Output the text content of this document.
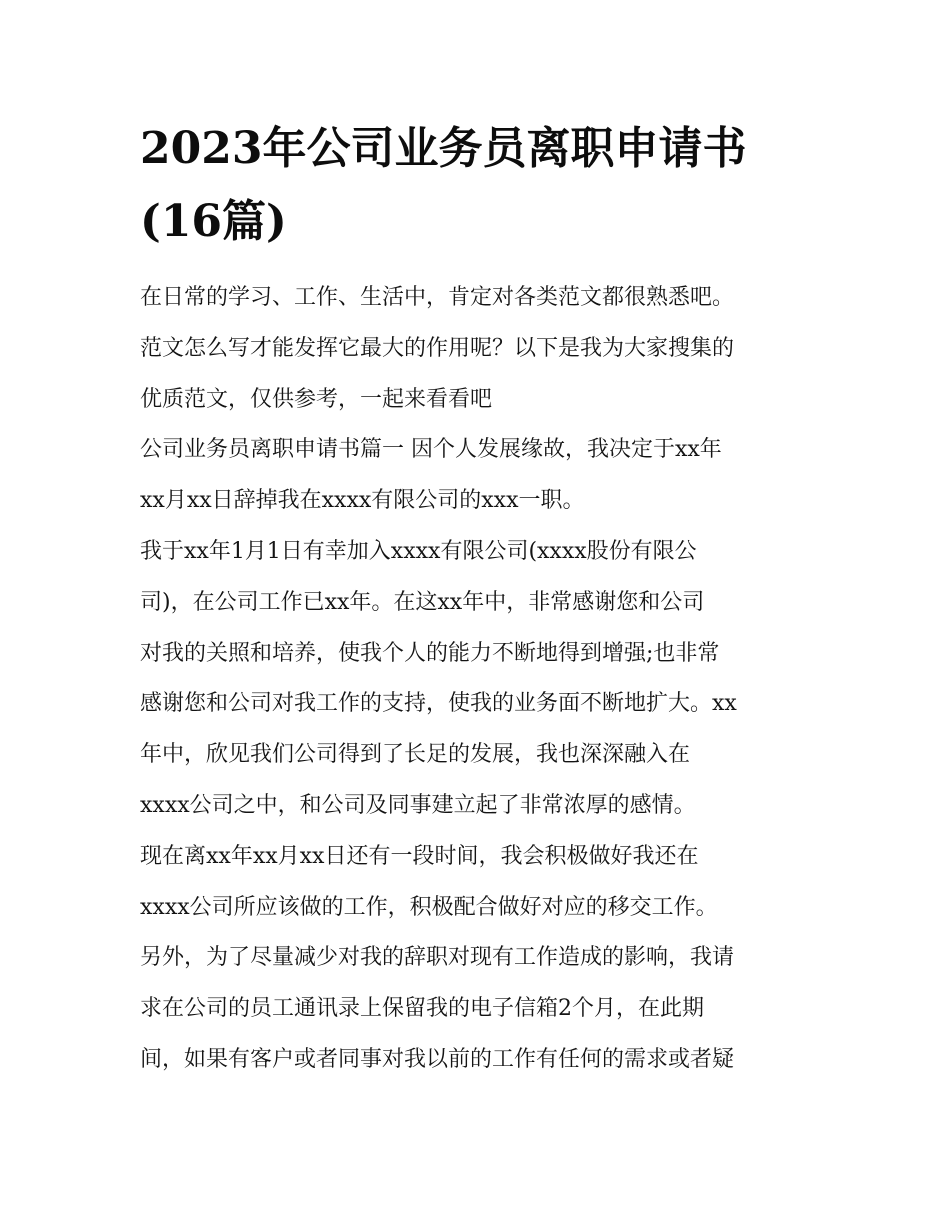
2023年公司业务员离职申请书
(16篇)
在日常的学习、工作、生活中，肯定对各类范文都很熟悉吧。
范文怎么写才能发挥它最大的作用呢？以下是我为大家搜集的
优质范文，仅供参考，一起来看看吧
公司业务员离职申请书篇一 因个人发展缘故，我决定于xx年
xx月xx日辞掉我在xxxx有限公司的xxx一职。
我于xx年1月1日有幸加入xxxx有限公司(xxxx股份有限公
司)，在公司工作已xx年。在这xx年中，非常感谢您和公司
对我的关照和培养，使我个人的能力不断地得到增强;也非常
感谢您和公司对我工作的支持，使我的业务面不断地扩大。xx
年中，欣见我们公司得到了长足的发展，我也深深融入在
xxxx公司之中，和公司及同事建立起了非常浓厚的感情。
现在离xx年xx月xx日还有一段时间，我会积极做好我还在
xxxx公司所应该做的工作，积极配合做好对应的移交工作。
另外，为了尽量减少对我的辞职对现有工作造成的影响，我请
求在公司的员工通讯录上保留我的电子信箱2个月，在此期
间，如果有客户或者同事对我以前的工作有任何的需求或者疑
